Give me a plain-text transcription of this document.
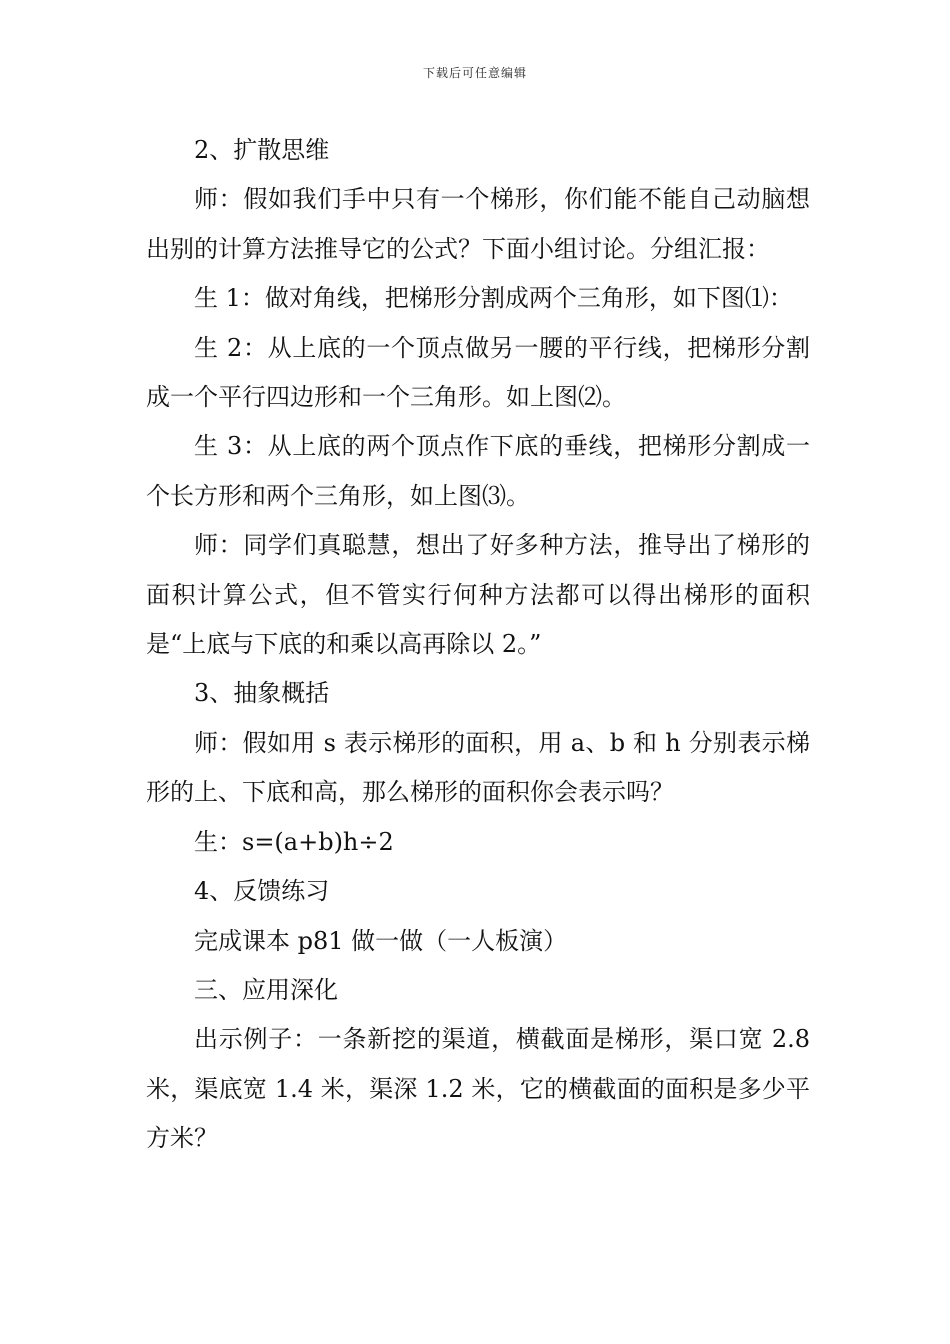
下载后可任意编辑

2、扩散思维

师：假如我们手中只有一个梯形，你们能不能自己动脑想出别的计算方法推导它的公式？下面小组讨论。分组汇报：

生 1：做对角线，把梯形分割成两个三角形，如下图⑴：

生 2：从上底的一个顶点做另一腰的平行线，把梯形分割成一个平行四边形和一个三角形。如上图⑵。

生 3：从上底的两个顶点作下底的垂线，把梯形分割成一个长方形和两个三角形，如上图⑶。

师：同学们真聪慧，想出了好多种方法，推导出了梯形的面积计算公式，但不管实行何种方法都可以得出梯形的面积是“上底与下底的和乘以高再除以 2。”

3、抽象概括

师：假如用 s 表示梯形的面积，用 a、b 和 h 分别表示梯形的上、下底和高，那么梯形的面积你会表示吗？

生：s=(a+b)h÷2

4、反馈练习

完成课本 p81 做一做（一人板演）

三、应用深化

出示例子：一条新挖的渠道，横截面是梯形，渠口宽 2.8 米，渠底宽 1.4 米，渠深 1.2 米，它的横截面的面积是多少平方米？
